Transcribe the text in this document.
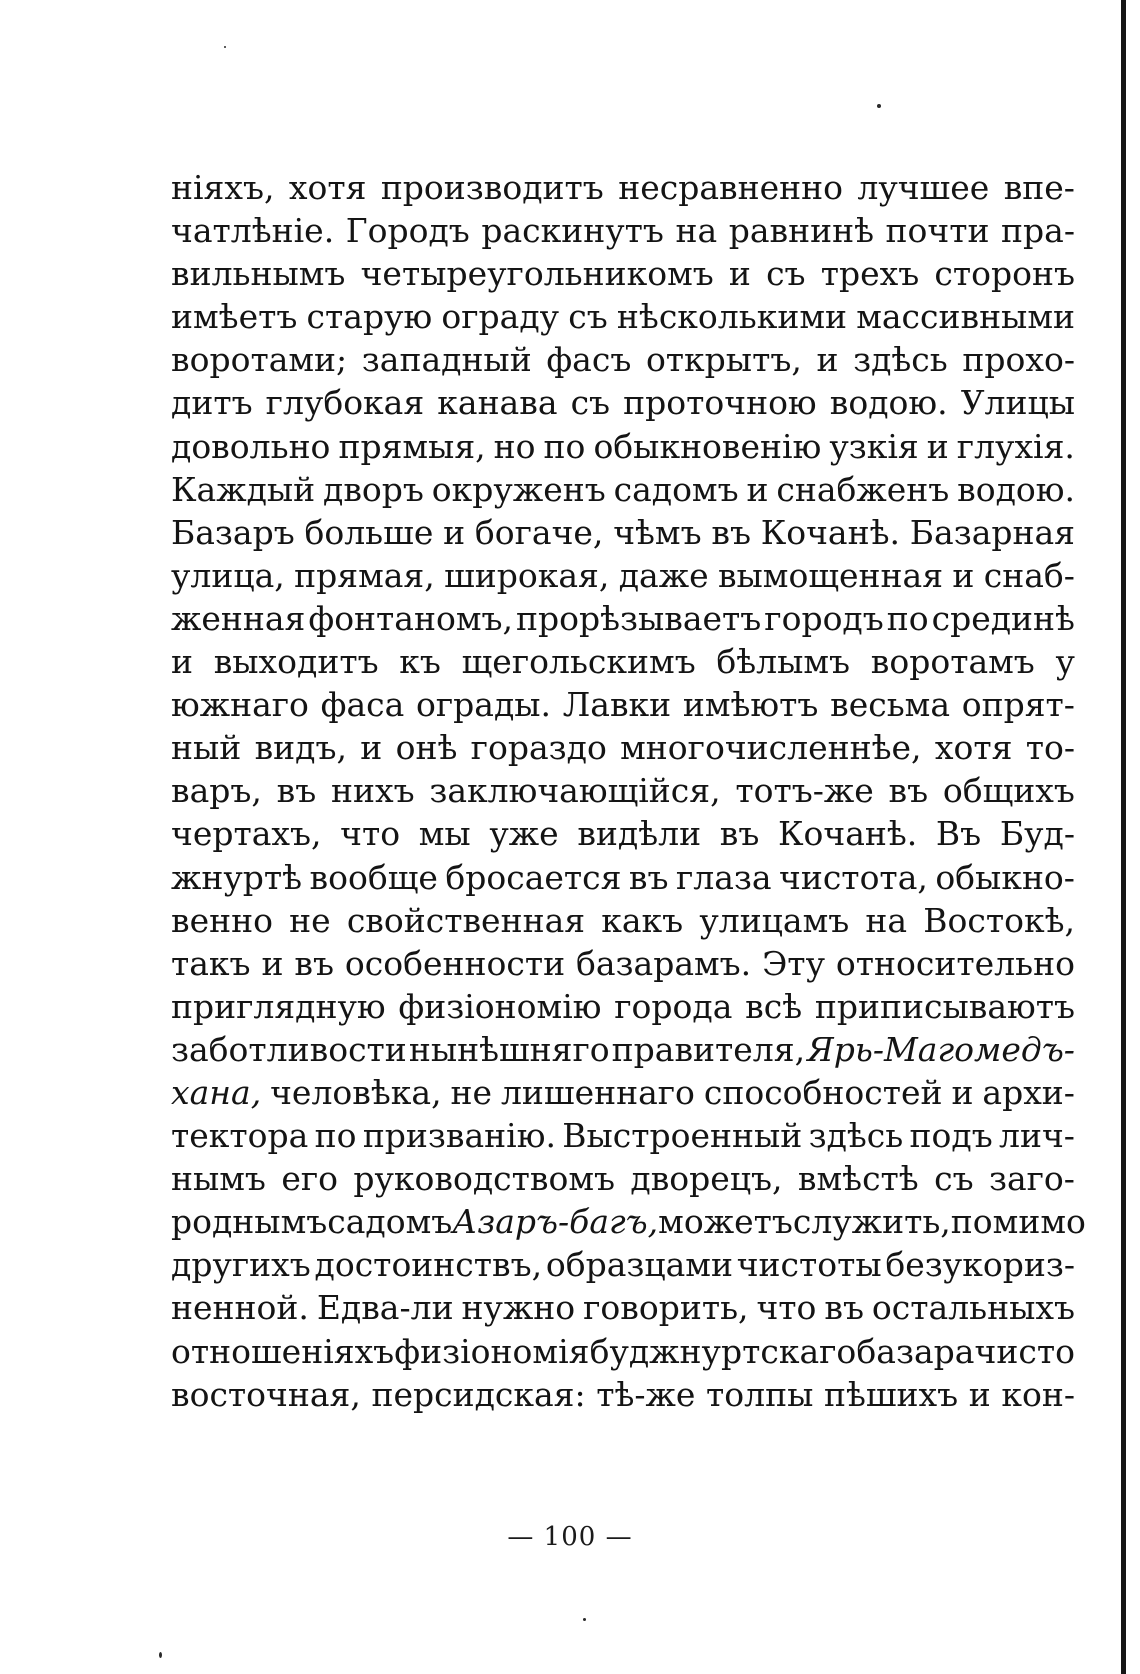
ніяхъ, хотя производитъ несравненно лучшее впе-
чатлѣніе. Городъ раскинутъ на равнинѣ почти пра-
вильнымъ четыреугольникомъ и съ трехъ сторонъ
имѣетъ старую ограду съ нѣсколькими массивными
воротами; западный фасъ открытъ, и здѣсь прохо-
дитъ глубокая канава съ проточною водою. Улицы
довольно прямыя, но по обыкновенію узкія и глухія.
Каждый дворъ окруженъ садомъ и снабженъ водою.
Базаръ больше и богаче, чѣмъ въ Кочанѣ. Базарная
улица, прямая, широкая, даже вымощенная и снаб-
женная фонтаномъ, прорѣзываетъ городъ по срединѣ
и выходитъ къ щегольскимъ бѣлымъ воротамъ у
южнаго фаса ограды. Лавки имѣютъ весьма опрят-
ный видъ, и онѣ гораздо многочисленнѣе, хотя то-
варъ, въ нихъ заключающійся, тотъ-же въ общихъ
чертахъ, что мы уже видѣли въ Кочанѣ. Въ Буд-
жнуртѣ вообще бросается въ глаза чистота, обыкно-
венно не свойственная какъ улицамъ на Востокѣ,
такъ и въ особенности базарамъ. Эту относительно
приглядную физіономію города всѣ приписываютъ
заботливости нынѣшняго правителя, Ярь-Магомедъ-
хана, человѣка, не лишеннаго способностей и архи-
тектора по призванію. Выстроенный здѣсь подъ лич-
нымъ его руководствомъ дворецъ, вмѣстѣ съ заго-
роднымъ садомъ Азаръ-багъ, можетъ служить, помимо
другихъ достоинствъ, образцами чистоты безукориз-
ненной. Едва-ли нужно говорить, что въ остальныхъ
отношеніяхъ физіономія буджнуртскаго базара чисто
восточная, персидская: тѣ-же толпы пѣшихъ и кон-
— 100 —
